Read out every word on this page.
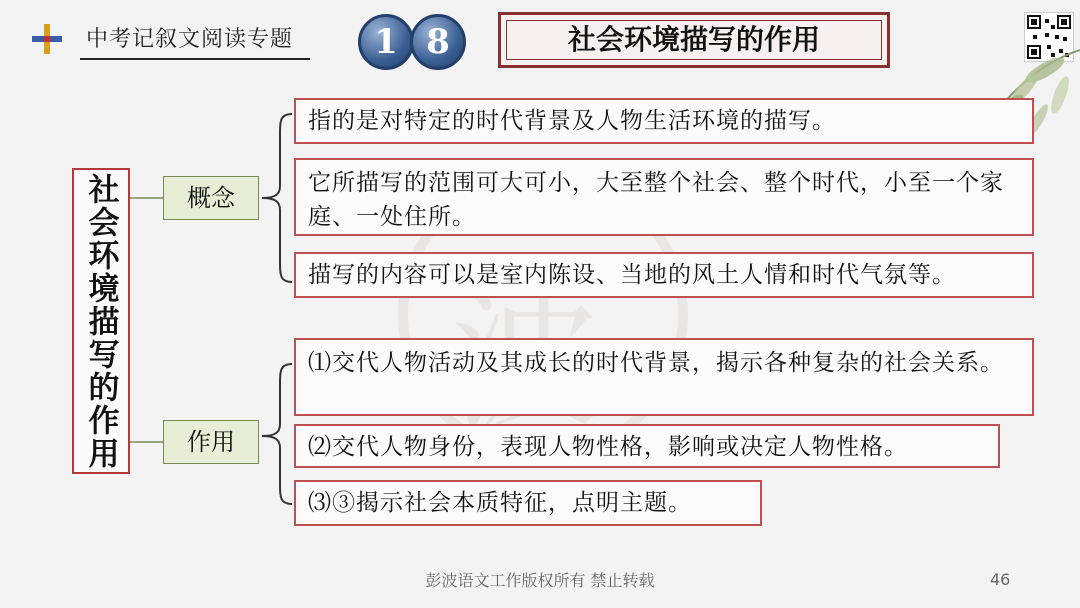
中考记叙文阅读专题	1 8	社会环境描写的作用
社会环境描写的作用	概念
作用
指的是对特定的时代背景及人物生活环境的描写。
它所描写的范围可大可小，大至整个社会、整个时代，小至一个家庭、一处住所。
描写的内容可以是室内陈设、当地的风土人情和时代气氛等。
⑴交代人物活动及其成长的时代背景，揭示各种复杂的社会关系。
⑵交代人物身份，表现人物性格，影响或决定人物性格。
⑶③揭示社会本质特征，点明主题。
彭波语文工作版权所有 禁止转载	46
